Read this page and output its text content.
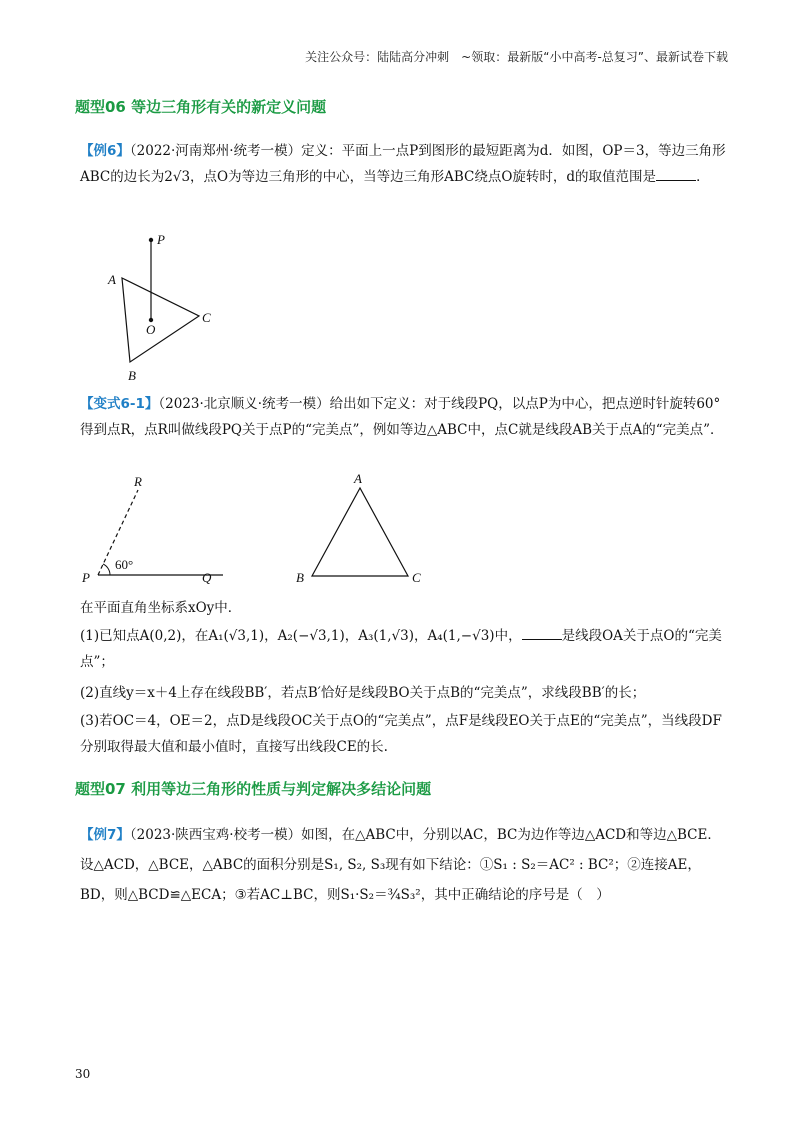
关注公众号：陆陆高分冲刺　~领取：最新版“小中高考-总复习”、最新试卷下载
题型06 等边三角形有关的新定义问题
【例6】（2022·河南郑州·统考一模）定义：平面上一点P到图形的最短距离为d．如图，OP＝3，等边三角形ABC的边长为2√3，点O为等边三角形的中心，当等边三角形ABC绕点O旋转时，d的取值范围是	．
P
A
O
C
B
【变式6-1】（2023·北京顺义·统考一模）给出如下定义：对于线段PQ，以点P为中心，把点逆时针旋转60°得到点R，点R叫做线段PQ关于点P的“完美点”，例如等边△ABC中，点C就是线段AB关于点A的“完美点”．
R
60°
P	Q
A
B	C
在平面直角坐标系xOy中．
(1)已知点A(0,2)，在A₁(√3,1)，A₂(−√3,1)，A₃(1,√3)，A₄(1,−√3)中，	是线段OA关于点O的“完美点”；
(2)直线y＝x＋4上存在线段BB′，若点B′恰好是线段BO关于点B的“完美点”，求线段BB′的长；
(3)若OC＝4，OE＝2，点D是线段OC关于点O的“完美点”，点F是线段EO关于点E的“完美点”，当线段DF分别取得最大值和最小值时，直接写出线段CE的长.
题型07 利用等边三角形的性质与判定解决多结论问题
【例7】（2023·陕西宝鸡·校考一模）如图，在△ABC中，分别以AC，BC为边作等边△ACD和等边△BCE．设△ACD，△BCE，△ABC的面积分别是S₁, S₂, S₃现有如下结论：①S₁ : S₂＝AC² : BC²；②连接AE，BD，则△BCD≌△ECA；③若AC⊥BC，则S₁·S₂＝¾S₃²，其中正确结论的序号是（　）
30
